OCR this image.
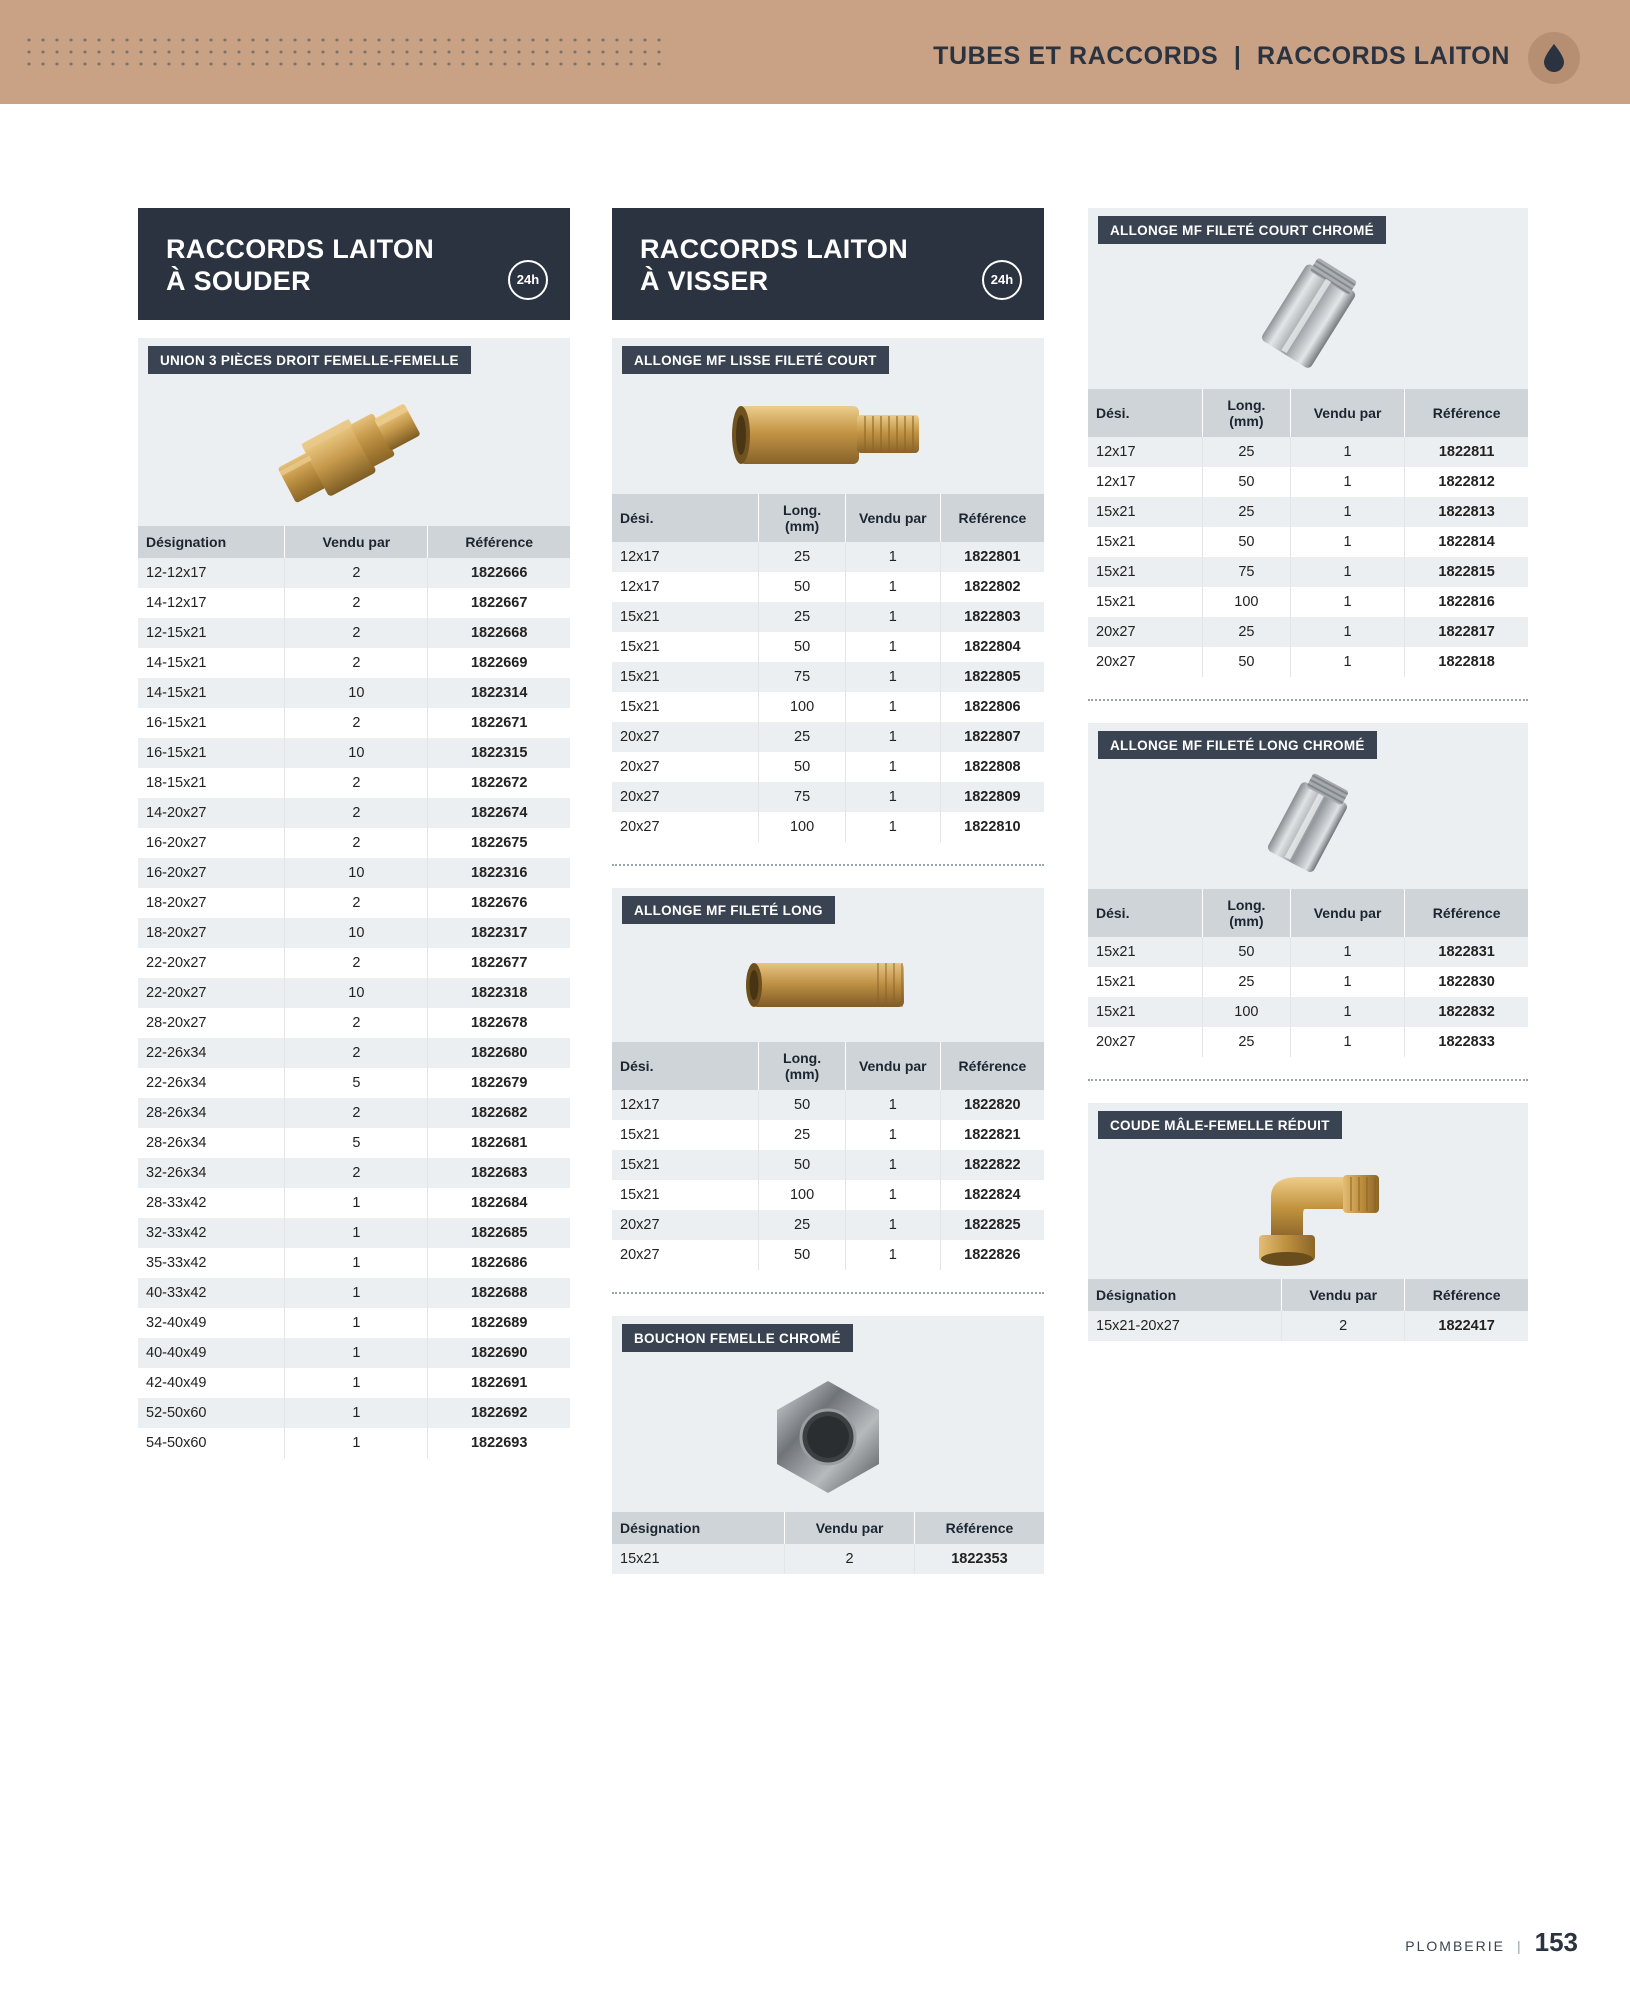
TUBES ET RACCORDS | RACCORDS LAITON
RACCORDS LAITON
À SOUDER	24h
UNION 3 PIÈCES DROIT FEMELLE-FEMELLE
Désignation	Vendu par	Référence
12-12x17	2	1822666
14-12x17	2	1822667
12-15x21	2	1822668
14-15x21	2	1822669
14-15x21	10	1822314
16-15x21	2	1822671
16-15x21	10	1822315
18-15x21	2	1822672
14-20x27	2	1822674
16-20x27	2	1822675
16-20x27	10	1822316
18-20x27	2	1822676
18-20x27	10	1822317
22-20x27	2	1822677
22-20x27	10	1822318
28-20x27	2	1822678
22-26x34	2	1822680
22-26x34	5	1822679
28-26x34	2	1822682
28-26x34	5	1822681
32-26x34	2	1822683
28-33x42	1	1822684
32-33x42	1	1822685
35-33x42	1	1822686
40-33x42	1	1822688
32-40x49	1	1822689
40-40x49	1	1822690
42-40x49	1	1822691
52-50x60	1	1822692
54-50x60	1	1822693
RACCORDS LAITON
À VISSER	24h
ALLONGE MF LISSE FILETÉ COURT
Dési.	Long. (mm)	Vendu par	Référence
12x17	25	1	1822801
12x17	50	1	1822802
15x21	25	1	1822803
15x21	50	1	1822804
15x21	75	1	1822805
15x21	100	1	1822806
20x27	25	1	1822807
20x27	50	1	1822808
20x27	75	1	1822809
20x27	100	1	1822810
ALLONGE MF FILETÉ LONG
Dési.	Long. (mm)	Vendu par	Référence
12x17	50	1	1822820
15x21	25	1	1822821
15x21	50	1	1822822
15x21	100	1	1822824
20x27	25	1	1822825
20x27	50	1	1822826
BOUCHON FEMELLE CHROMÉ
Désignation	Vendu par	Référence
15x21	2	1822353
ALLONGE MF FILETÉ COURT CHROMÉ
Dési.	Long. (mm)	Vendu par	Référence
12x17	25	1	1822811
12x17	50	1	1822812
15x21	25	1	1822813
15x21	50	1	1822814
15x21	75	1	1822815
15x21	100	1	1822816
20x27	25	1	1822817
20x27	50	1	1822818
ALLONGE MF FILETÉ LONG CHROMÉ
Dési.	Long. (mm)	Vendu par	Référence
15x21	50	1	1822831
15x21	25	1	1822830
15x21	100	1	1822832
20x27	25	1	1822833
COUDE MÂLE-FEMELLE RÉDUIT
Désignation	Vendu par	Référence
15x21-20x27	2	1822417
PLOMBERIE | 153
